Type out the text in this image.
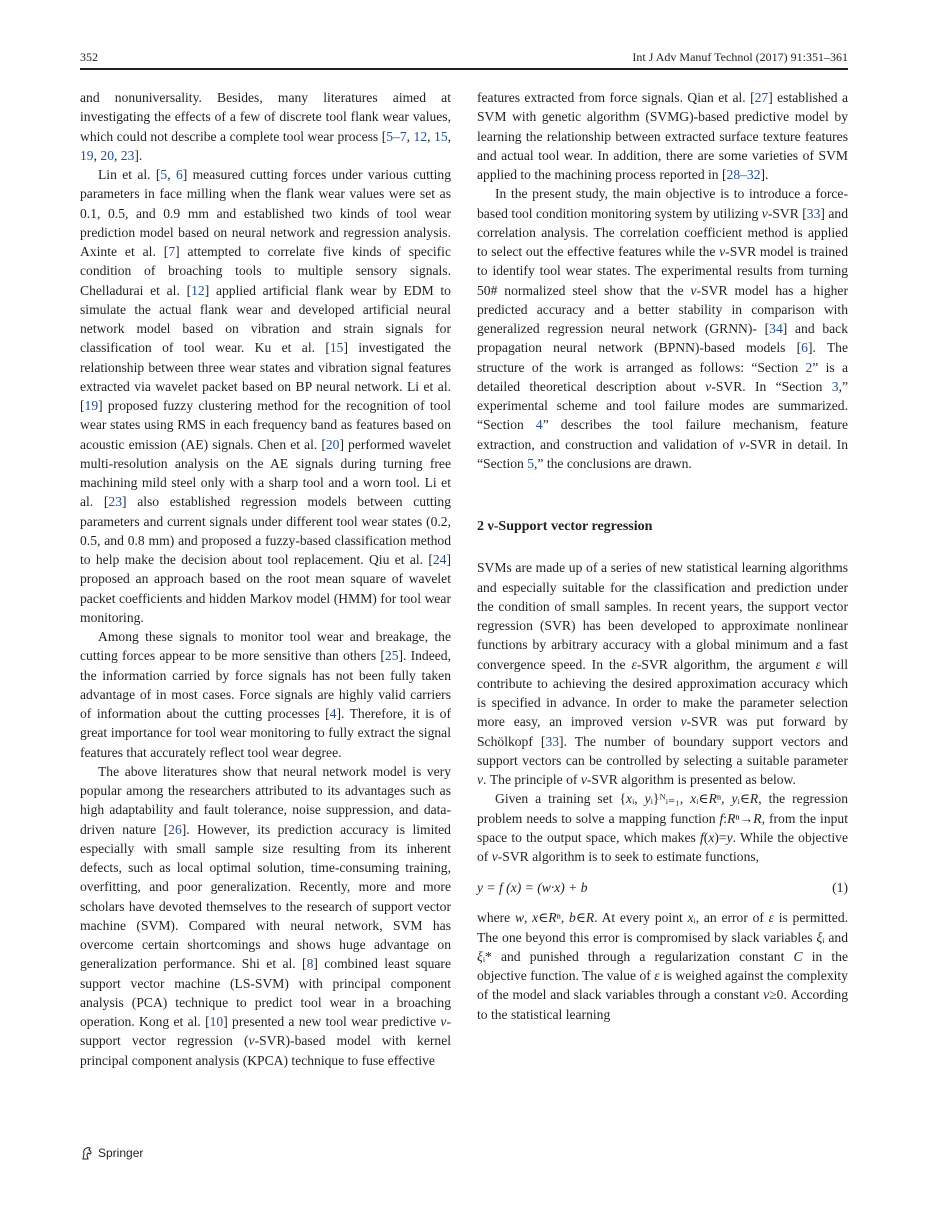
352	Int J Adv Manuf Technol (2017) 91:351–361

and nonuniversality. Besides, many literatures aimed at investigating the effects of a few of discrete tool flank wear values, which could not describe a complete tool wear process [5–7, 12, 15, 19, 20, 23].

Lin et al. [5, 6] measured cutting forces under various cutting parameters in face milling when the flank wear values were set as 0.1, 0.5, and 0.9 mm and established two kinds of tool wear prediction model based on neural network and regression analysis. Axinte et al. [7] attempted to correlate five kinds of specific condition of broaching tools to multiple sensory signals. Chelladurai et al. [12] applied artificial flank wear by EDM to simulate the actual flank wear and developed artificial neural network model based on vibration and strain signals for classification of tool wear. Ku et al. [15] investigated the relationship between three wear states and vibration signal features extracted via wavelet packet based on BP neural network. Li et al. [19] proposed fuzzy clustering method for the recognition of tool wear states using RMS in each frequency band as features based on acoustic emission (AE) signals. Chen et al. [20] performed wavelet multi-resolution analysis on the AE signals during turning free machining mild steel only with a sharp tool and a worn tool. Li et al. [23] also established regression models between cutting parameters and current signals under different tool wear states (0.2, 0.5, and 0.8 mm) and proposed a fuzzy-based classification method to help make the decision about tool replacement. Qiu et al. [24] proposed an approach based on the root mean square of wavelet packet coefficients and hidden Markov model (HMM) for tool wear monitoring.

Among these signals to monitor tool wear and breakage, the cutting forces appear to be more sensitive than others [25]. Indeed, the information carried by force signals has not been fully taken advantage of in most cases. Force signals are highly valid carriers of information about the cutting processes [4]. Therefore, it is of great importance for tool wear monitoring to fully extract the signal features that accurately reflect tool wear degree.

The above literatures show that neural network model is very popular among the researchers attributed to its advantages such as high adaptability and fault tolerance, noise suppression, and data-driven nature [26]. However, its prediction accuracy is limited especially with small sample size resulting from its inherent defects, such as local optimal solution, time-consuming training, overfitting, and poor generalization. Recently, more and more scholars have devoted themselves to the research of support vector machine (SVM). Compared with neural network, SVM has overcome certain shortcomings and shows huge advantage on generalization performance. Shi et al. [8] combined least square support vector machine (LS-SVM) with principal component analysis (PCA) technique to predict tool wear in a broaching operation. Kong et al. [10] presented a new tool wear predictive ν-support vector regression (ν-SVR)-based model with kernel principal component analysis (KPCA) technique to fuse effective

features extracted from force signals. Qian et al. [27] established a SVM with genetic algorithm (SVMG)-based predictive model by learning the relationship between extracted surface texture features and actual tool wear. In addition, there are some varieties of SVM applied to the machining process reported in [28–32].

In the present study, the main objective is to introduce a force-based tool condition monitoring system by utilizing ν-SVR [33] and correlation analysis. The correlation coefficient method is applied to select out the effective features while the ν-SVR model is trained to identify tool wear states. The experimental results from turning 50# normalized steel show that the ν-SVR model has a higher predicted accuracy and a better stability in comparison with generalized regression neural network (GRNN)- [34] and back propagation neural network (BPNN)-based models [6]. The structure of the work is arranged as follows: “Section 2” is a detailed theoretical description about ν-SVR. In “Section 3,” experimental scheme and tool failure modes are summarized. “Section 4” describes the tool failure mechanism, feature extraction, and construction and validation of ν-SVR in detail. In “Section 5,” the conclusions are drawn.

2 ν-Support vector regression

SVMs are made up of a series of new statistical learning algorithms and especially suitable for the classification and prediction under the condition of small samples. In recent years, the support vector regression (SVR) has been developed to approximate nonlinear functions by arbitrary accuracy with a global minimum and a fast convergence speed. In the ε-SVR algorithm, the argument ε will contribute to achieving the desired approximation accuracy which is specified in advance. In order to make the parameter selection more easy, an improved version ν-SVR was put forward by Schölkopf [33]. The number of boundary support vectors and support vectors can be controlled by selecting a suitable parameter ν. The principle of ν-SVR algorithm is presented as below.

Given a training set {xᵢ, yᵢ}ᴺᵢ₌₁, xᵢ∈Rⁿ, yᵢ∈R, the regression problem needs to solve a mapping function f:Rⁿ→R, from the input space to the output space, which makes f(x)=y. While the objective of ν-SVR algorithm is to seek to estimate functions,

y = f (x) = (w·x) + b	(1)

where w, x∈Rⁿ, b∈R. At every point xᵢ, an error of ε is permitted. The one beyond this error is compromised by slack variables ξᵢ and ξᵢ* and punished through a regularization constant C in the objective function. The value of ε is weighed against the complexity of the model and slack variables through a constant ν≥0. According to the statistical learning

Springer
